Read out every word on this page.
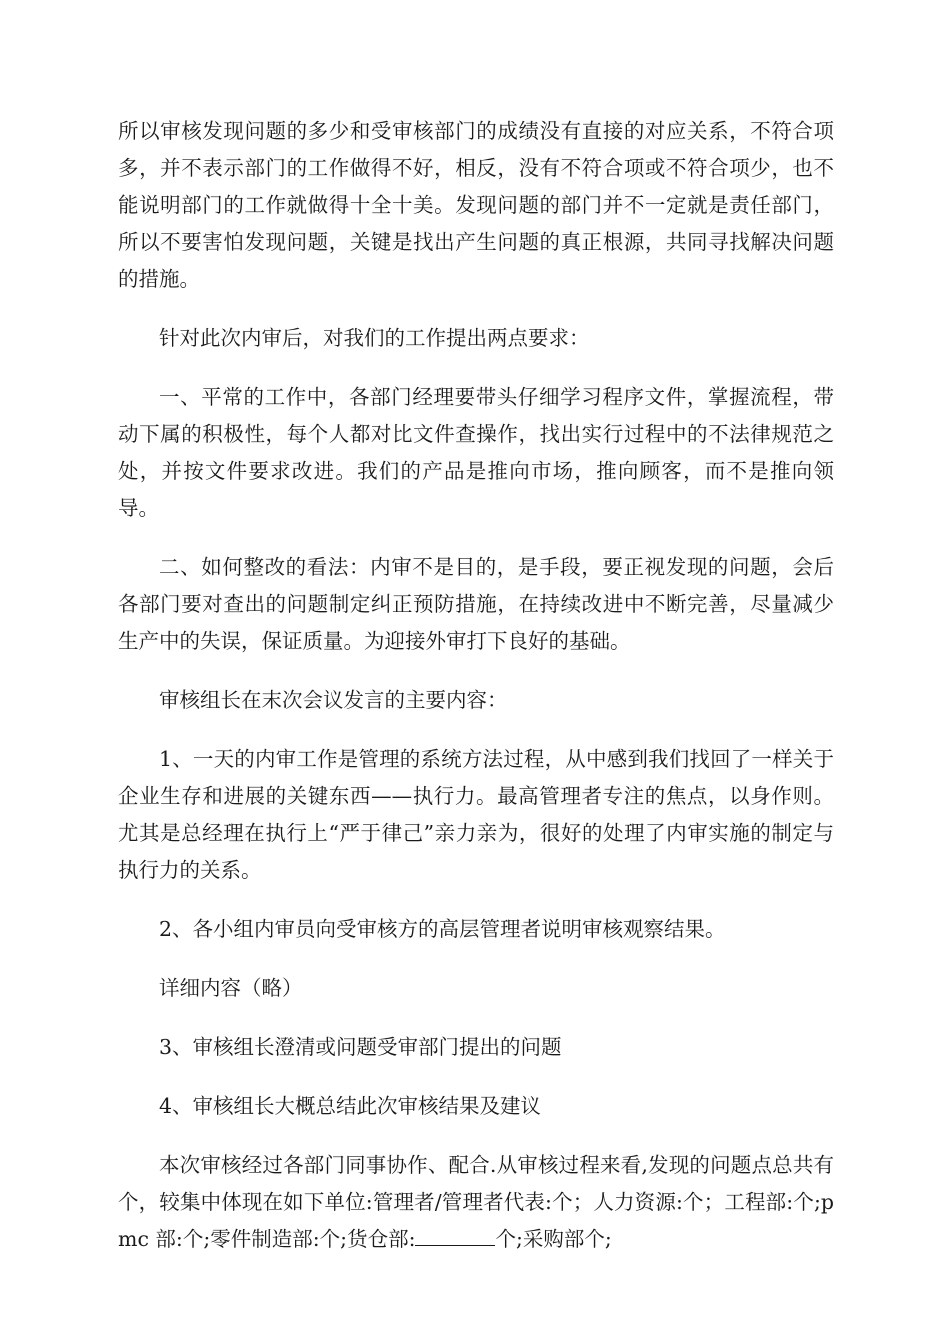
所以审核发现问题的多少和受审核部门的成绩没有直接的对应关系，不符合项多，并不表示部门的工作做得不好，相反，没有不符合项或不符合项少，也不能说明部门的工作就做得十全十美。发现问题的部门并不一定就是责任部门，所以不要害怕发现问题，关键是找出产生问题的真正根源，共同寻找解决问题的措施。

针对此次内审后，对我们的工作提出两点要求：

一、平常的工作中，各部门经理要带头仔细学习程序文件，掌握流程，带动下属的积极性，每个人都对比文件查操作，找出实行过程中的不法律规范之处，并按文件要求改进。我们的产品是推向市场，推向顾客，而不是推向领导。

二、如何整改的看法：内审不是目的，是手段，要正视发现的问题，会后各部门要对查出的问题制定纠正预防措施，在持续改进中不断完善，尽量减少生产中的失误，保证质量。为迎接外审打下良好的基础。

审核组长在末次会议发言的主要内容：

1、一天的内审工作是管理的系统方法过程，从中感到我们找回了一样关于企业生存和进展的关键东西——执行力。最高管理者专注的焦点，以身作则。尤其是总经理在执行上“严于律己”亲力亲为，很好的处理了内审实施的制定与执行力的关系。

2、各小组内审员向受审核方的高层管理者说明审核观察结果。

详细内容（略）

3、审核组长澄清或问题受审部门提出的问题

4、审核组长大概总结此次审核结果及建议

本次审核经过各部门同事协作、配合.从审核过程来看,发现的问题点总共有个，较集中体现在如下单位:管理者/管理者代表:个；人力资源:个；工程部:个;pmc 部:个;零件制造部:个;货仓部:	个;采购部个;
